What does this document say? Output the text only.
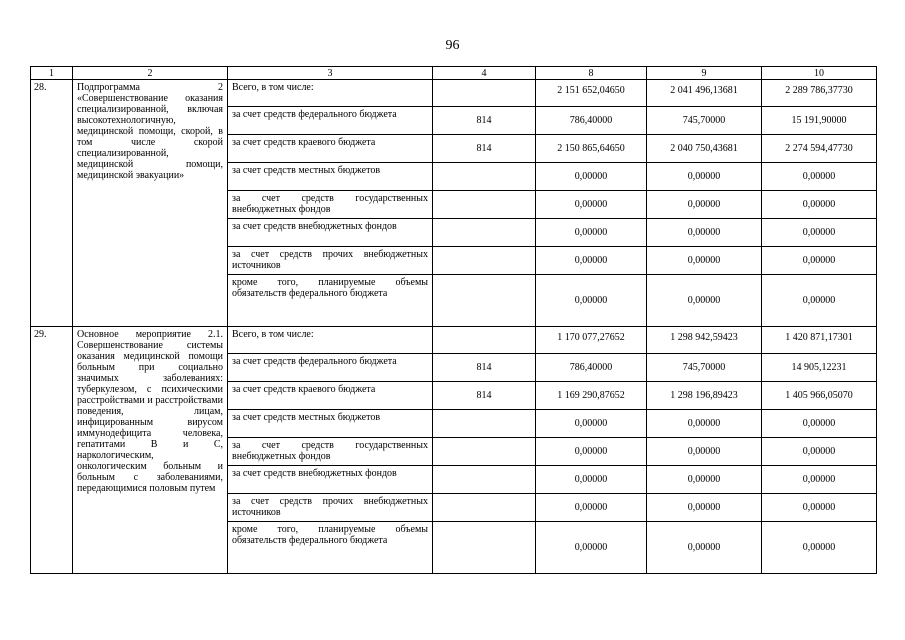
96
1	2	3	4	8	9	10
28.	Подпрограмма 2 «Совершенствование оказания специализированной, включая высокотехнологичную, медицинской помощи, скорой, в том числе скорой специализированной, медицинской помощи, медицинской эвакуации»	Всего, в том числе:		2 151 652,04650	2 041 496,13681	2 289 786,37730
		за счет средств федерального бюджета	814	786,40000	745,70000	15 191,90000
		за счет средств краевого бюджета	814	2 150 865,64650	2 040 750,43681	2 274 594,47730
		за счет средств местных бюджетов		0,00000	0,00000	0,00000
		за счет средств государственных внебюджетных фондов		0,00000	0,00000	0,00000
		за счет средств внебюджетных фондов		0,00000	0,00000	0,00000
		за счет средств прочих внебюджетных источников		0,00000	0,00000	0,00000
		кроме того, планируемые объемы обязательств федерального бюджета		0,00000	0,00000	0,00000
29.	Основное мероприятие 2.1. Совершенствование системы оказания медицинской помощи больным при социально значимых заболеваниях: туберкулезом, с психическими расстройствами и расстройствами поведения, лицам, инфицированным вирусом иммунодефицита человека, гепатитами B и C, наркологическим, онкологическим больным и больным с заболеваниями, передающимися половым путем	Всего, в том числе:		1 170 077,27652	1 298 942,59423	1 420 871,17301
		за счет средств федерального бюджета	814	786,40000	745,70000	14 905,12231
		за счет средств краевого бюджета	814	1 169 290,87652	1 298 196,89423	1 405 966,05070
		за счет средств местных бюджетов		0,00000	0,00000	0,00000
		за счет средств государственных внебюджетных фондов		0,00000	0,00000	0,00000
		за счет средств внебюджетных фондов		0,00000	0,00000	0,00000
		за счет средств прочих внебюджетных источников		0,00000	0,00000	0,00000
		кроме того, планируемые объемы обязательств федерального бюджета		0,00000	0,00000	0,00000
